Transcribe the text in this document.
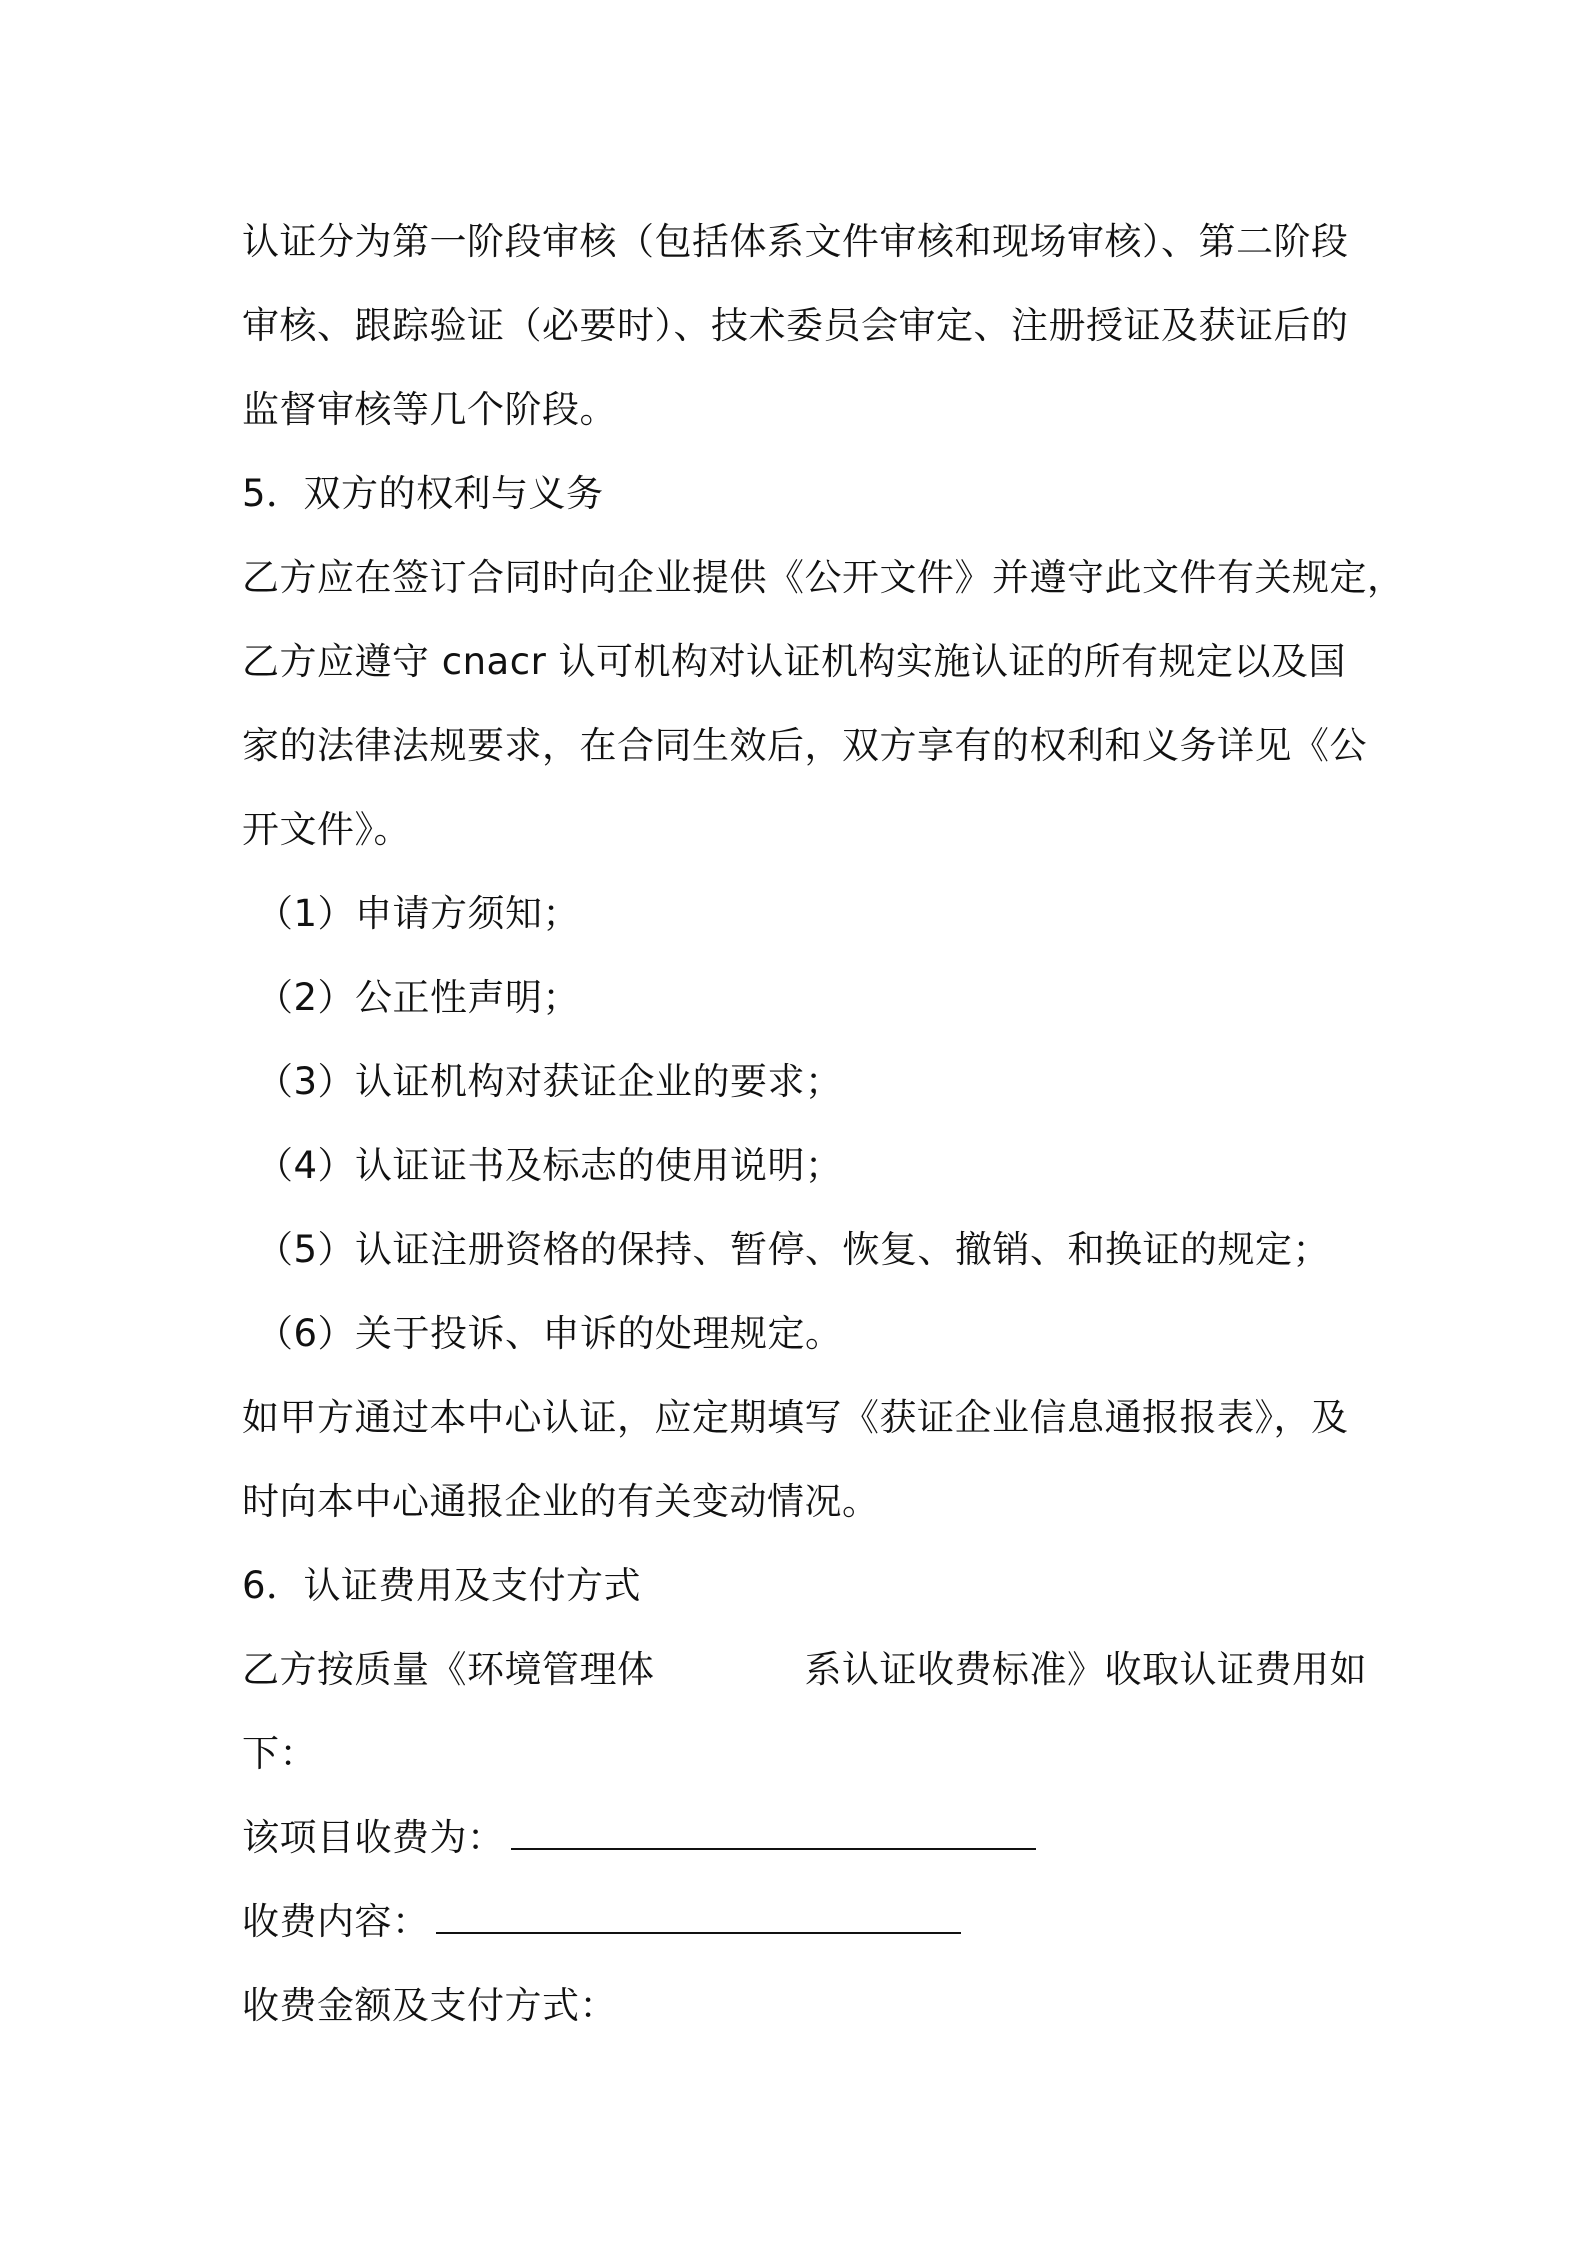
认证分为第一阶段审核（包括体系文件审核和现场审核）、第二阶段
审核、跟踪验证（必要时）、技术委员会审定、注册授证及获证后的
监督审核等几个阶段。
5．双方的权利与义务
乙方应在签订合同时向企业提供《公开文件》并遵守此文件有关规定，
乙方应遵守 cnacr 认可机构对认证机构实施认证的所有规定以及国
家的法律法规要求，在合同生效后，双方享有的权利和义务详见《公
开文件》。
（1）申请方须知；
（2）公正性声明；
（3）认证机构对获证企业的要求；
（4）认证证书及标志的使用说明；
（5）认证注册资格的保持、暂停、恢复、撤销、和换证的规定；
（6）关于投诉、申诉的处理规定。
如甲方通过本中心认证，应定期填写《获证企业信息通报报表》，及
时向本中心通报企业的有关变动情况。
6．认证费用及支付方式
乙方按质量《环境管理体	系认证收费标准》收取认证费用如
下：
该项目收费为：
收费内容：
收费金额及支付方式：
